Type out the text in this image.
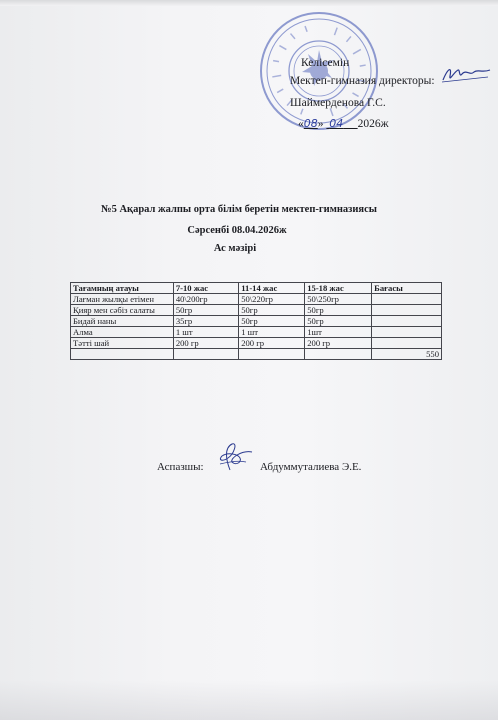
Келісемін
Мектеп-гимназия директоры:
Шаймерденова Г.С.
«08» 04 2026ж
№5 Ақарал жалпы орта білім беретін мектеп-гимназиясы
Сәрсенбі 08.04.2026ж
Ас мәзірі
Тағамның атауы	7-10 жас	11-14 жас	15-18 жас	Бағасы
Лағман жылқы етімен	40\200гр	50\220гр	50\250гр	
Қияр мен сәбіз салаты	50гр	50гр	50гр	
Бидай наны	35гр	50гр	50гр	
Алма	1 шт	1 шт	1шт	
Тәтті шай	200 гр	200 гр	200 гр	
				550
Аспазшы:	Абдуммуталиева Э.Е.
